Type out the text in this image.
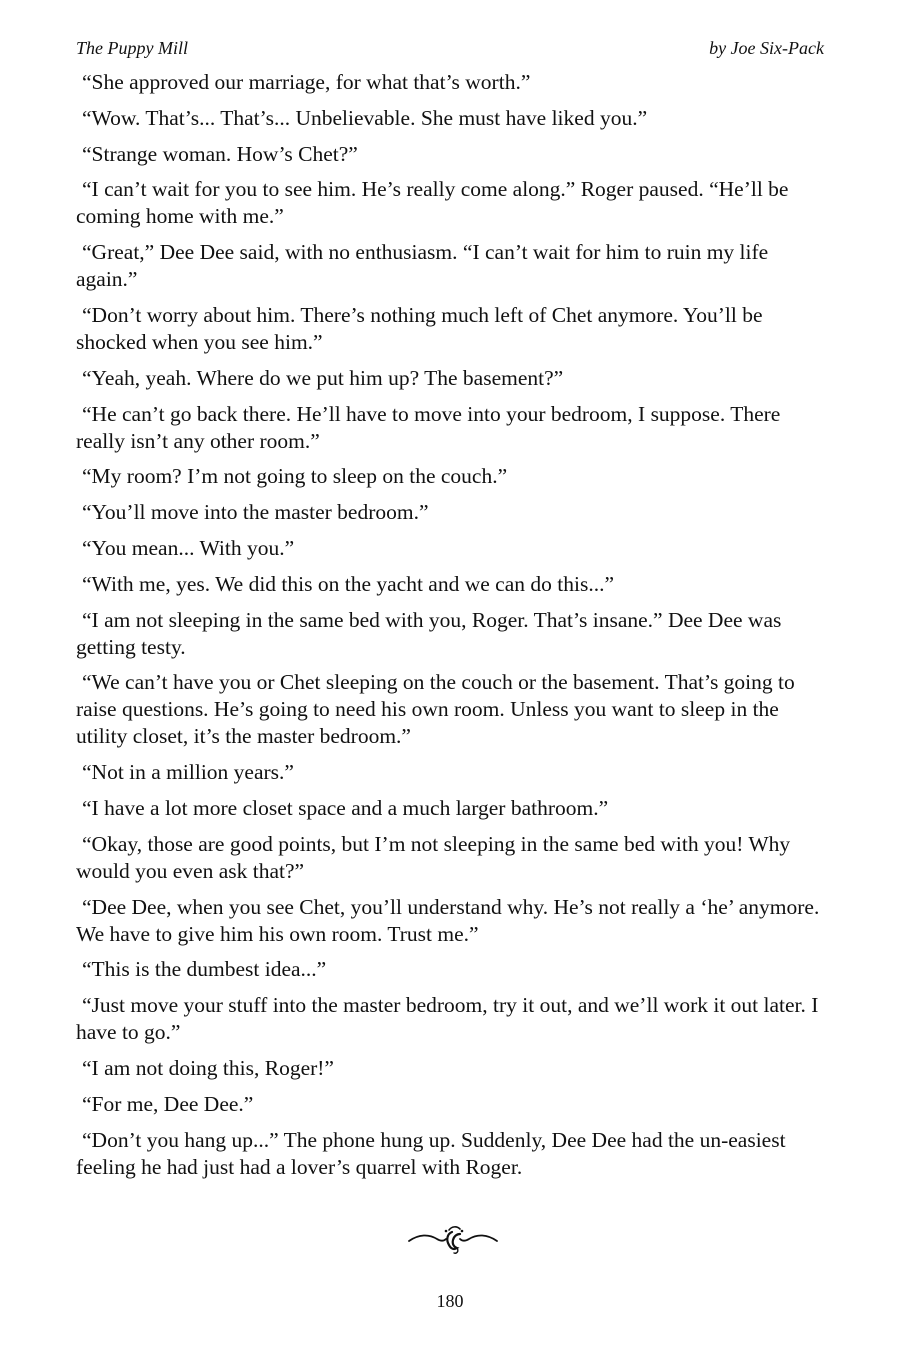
The Puppy Mill	by Joe Six-Pack

“She approved our marriage, for what that’s worth.”

“Wow. That’s... That’s... Unbelievable. She must have liked you.”

“Strange woman. How’s Chet?”

“I can’t wait for you to see him. He’s really come along.” Roger paused. “He’ll be coming home with me.”

“Great,” Dee Dee said, with no enthusiasm. “I can’t wait for him to ruin my life again.”

“Don’t worry about him. There’s nothing much left of Chet anymore. You’ll be shocked when you see him.”

“Yeah, yeah. Where do we put him up? The basement?”

“He can’t go back there. He’ll have to move into your bedroom, I suppose. There really isn’t any other room.”

“My room? I’m not going to sleep on the couch.”

“You’ll move into the master bedroom.”

“You mean... With you.”

“With me, yes. We did this on the yacht and we can do this...”

“I am not sleeping in the same bed with you, Roger. That’s insane.” Dee Dee was getting testy.

“We can’t have you or Chet sleeping on the couch or the basement. That’s going to raise questions. He’s going to need his own room. Unless you want to sleep in the utility closet, it’s the master bedroom.”

“Not in a million years.”

“I have a lot more closet space and a much larger bathroom.”

“Okay, those are good points, but I’m not sleeping in the same bed with you! Why would you even ask that?”

“Dee Dee, when you see Chet, you’ll understand why. He’s not really a ‘he’ anymore. We have to give him his own room. Trust me.”

“This is the dumbest idea...”

“Just move your stuff into the master bedroom, try it out, and we’ll work it out later. I have to go.”

“I am not doing this, Roger!”

“For me, Dee Dee.”

“Don’t you hang up...” The phone hung up. Suddenly, Dee Dee had the un-easiest feeling he had just had a lover’s quarrel with Roger.

180
